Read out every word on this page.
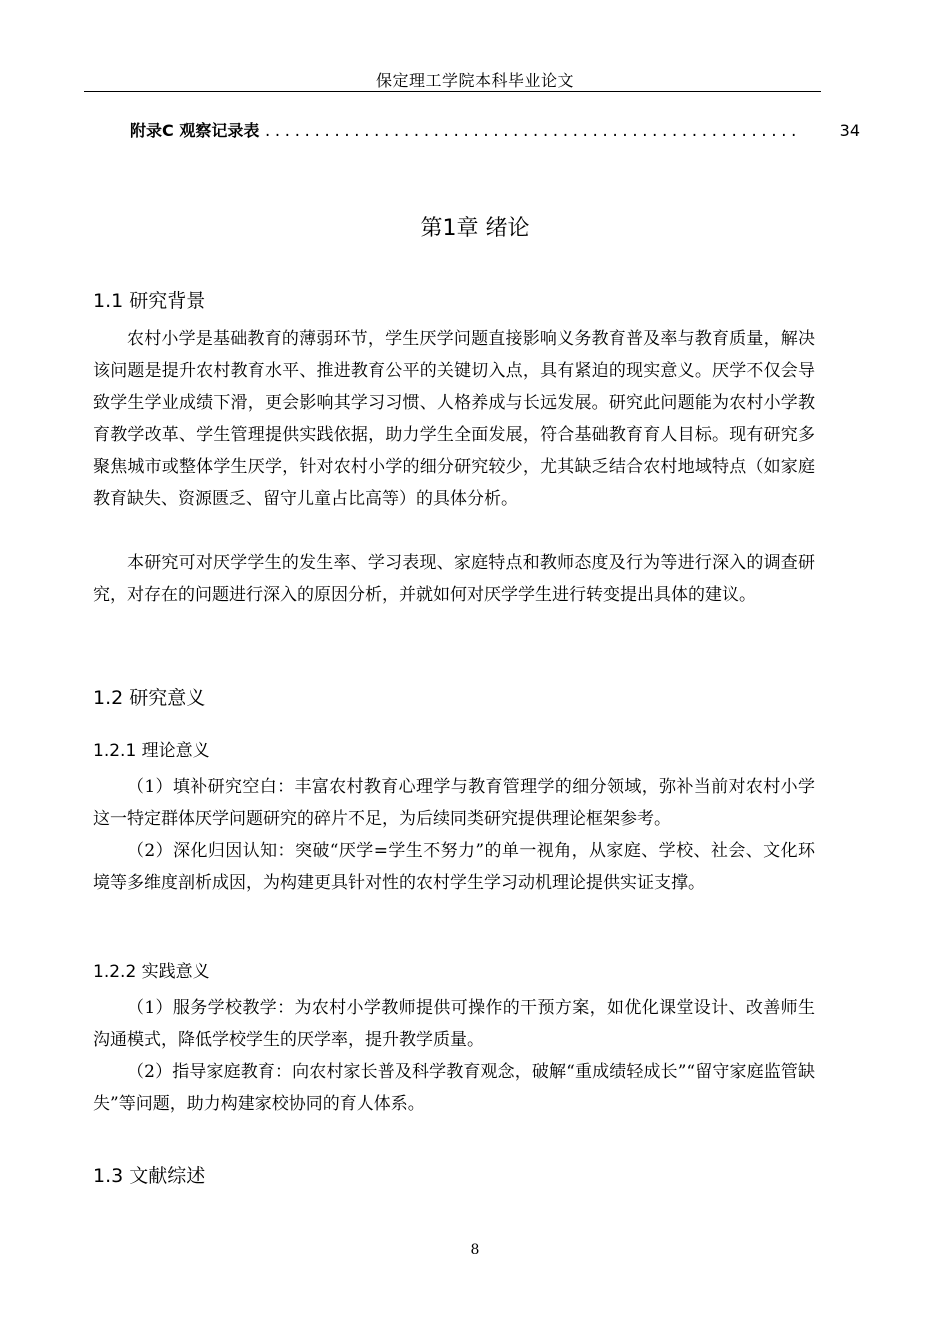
保定理工学院本科毕业论文
附录C 观察记录表 ......................................................	34
第1章 绪论
1.1 研究背景

农村小学是基础教育的薄弱环节，学生厌学问题直接影响义务教育普及率与教育质量，解决该问题是提升农村教育水平、推进教育公平的关键切入点，具有紧迫的现实意义。厌学不仅会导致学生学业成绩下滑，更会影响其学习习惯、人格养成与长远发展。研究此问题能为农村小学教育教学改革、学生管理提供实践依据，助力学生全面发展，符合基础教育育人目标。现有研究多聚焦城市或整体学生厌学，针对农村小学的细分研究较少，尤其缺乏结合农村地域特点（如家庭教育缺失、资源匮乏、留守儿童占比高等）的具体分析。

本研究可对厌学学生的发生率、学习表现、家庭特点和教师态度及行为等进行深入的调查研究，对存在的问题进行深入的原因分析，并就如何对厌学学生进行转变提出具体的建议。

1.2 研究意义
1.2.1 理论意义

（1）填补研究空白：丰富农村教育心理学与教育管理学的细分领域，弥补当前对农村小学这一特定群体厌学问题研究的碎片不足，为后续同类研究提供理论框架参考。

（2）深化归因认知：突破“厌学=学生不努力”的单一视角，从家庭、学校、社会、文化环境等多维度剖析成因，为构建更具针对性的农村学生学习动机理论提供实证支撑。

1.2.2 实践意义

（1）服务学校教学：为农村小学教师提供可操作的干预方案，如优化课堂设计、改善师生沟通模式，降低学校学生的厌学率，提升教学质量。

（2）指导家庭教育：向农村家长普及科学教育观念，破解“重成绩轻成长”“留守家庭监管缺失”等问题，助力构建家校协同的育人体系。

1.3 文献综述
8
